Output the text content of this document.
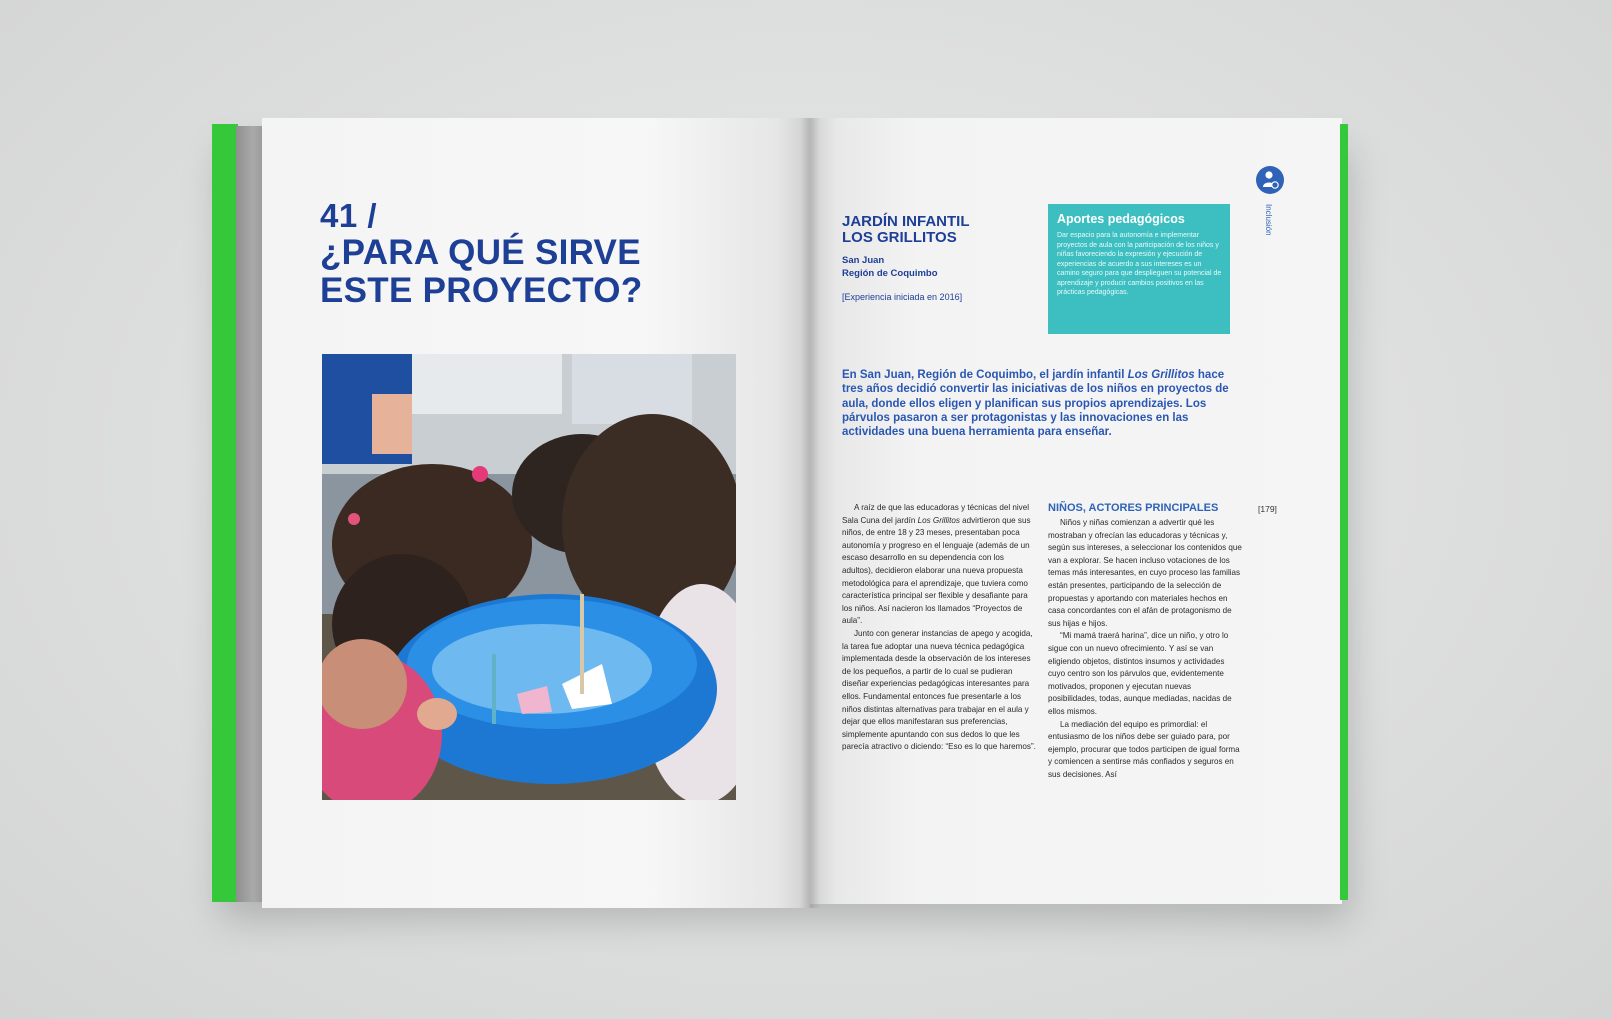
41 /
¿PARA QUÉ SIRVE
ESTE PROYECTO?
JARDÍN INFANTIL
LOS GRILLITOS
San Juan
Región de Coquimbo
[Experiencia iniciada en 2016]
Aportes pedagógicos
Dar espacio para la autonomía e implementar proyectos de aula con la participación de los niños y niñas favoreciendo la expresión y ejecución de experiencias de acuerdo a sus intereses es un camino seguro para que desplieguen su potencial de aprendizaje y producir cambios positivos en las prácticas pedagógicas.
Inclusión
En San Juan, Región de Coquimbo, el jardín infantil Los Grillitos hace tres años decidió convertir las iniciativas de los niños en proyectos de aula, donde ellos eligen y planifican sus propios aprendizajes. Los párvulos pasaron a ser protagonistas y las innovaciones en las actividades una buena herramienta para enseñar.

A raíz de que las educadoras y técnicas del nivel Sala Cuna del jardín Los Grillitos advirtieron que sus niños, de entre 18 y 23 meses, presentaban poca autonomía y progreso en el lenguaje (además de un escaso desarrollo en su dependencia con los adultos), decidieron elaborar una nueva propuesta metodológica para el aprendizaje, que tuviera como característica principal ser flexible y desafiante para los niños. Así nacieron los llamados “Proyectos de aula”.

Junto con generar instancias de apego y acogida, la tarea fue adoptar una nueva técnica pedagógica implementada desde la observación de los intereses de los pequeños, a partir de lo cual se pudieran diseñar experiencias pedagógicas interesantes para ellos. Fundamental entonces fue presentarle a los niños distintas alternativas para trabajar en el aula y dejar que ellos manifestaran sus preferencias, simplemente apuntando con sus dedos lo que les parecía atractivo o diciendo: “Eso es lo que haremos”.

NIÑOS, ACTORES PRINCIPALES

Niños y niñas comienzan a advertir qué les mostraban y ofrecían las educadoras y técnicas y, según sus intereses, a seleccionar los contenidos que van a explorar. Se hacen incluso votaciones de los temas más interesantes, en cuyo proceso las familias están presentes, participando de la selección de propuestas y aportando con materiales hechos en casa concordantes con el afán de protagonismo de sus hijas e hijos.

“Mi mamá traerá harina”, dice un niño, y otro lo sigue con un nuevo ofrecimiento. Y así se van eligiendo objetos, distintos insumos y actividades cuyo centro son los párvulos que, evidentemente motivados, proponen y ejecutan nuevas posibilidades, todas, aunque mediadas, nacidas de ellos mismos.

La mediación del equipo es primordial: el entusiasmo de los niños debe ser guiado para, por ejemplo, procurar que todos participen de igual forma y comiencen a sentirse más confiados y seguros en sus decisiones. Así

[179]
